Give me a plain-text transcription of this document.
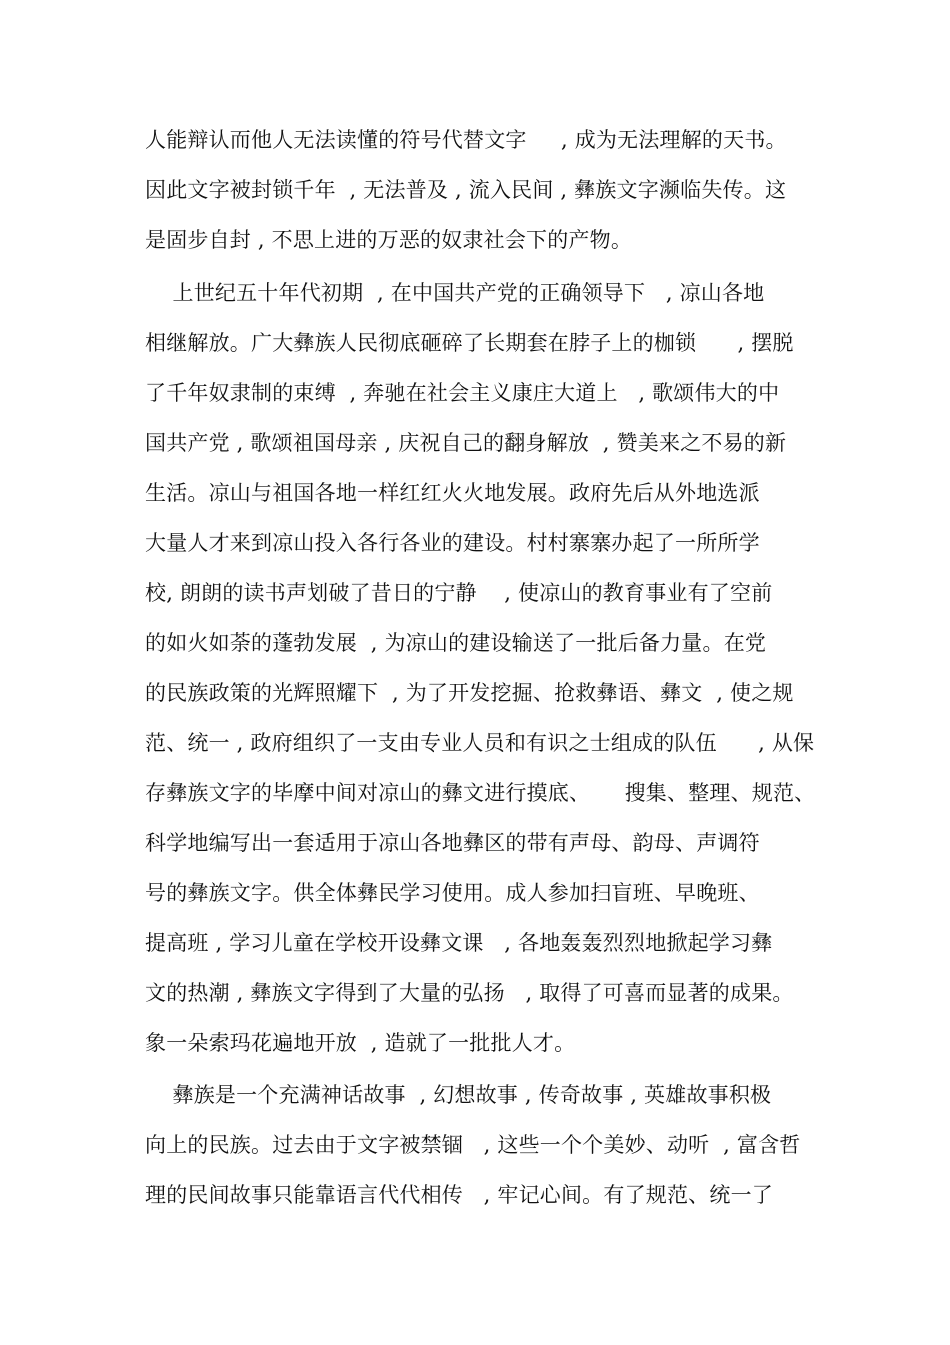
人能辩认而他人无法读懂的符号代替文字     , 成为无法理解的天书。
因此文字被封锁千年  , 无法普及 , 流入民间 , 彝族文字濒临失传。这
是固步自封 , 不思上进的万恶的奴隶社会下的产物。
上世纪五十年代初期  , 在中国共产党的正确领导下   , 凉山各地
相继解放。广大彝族人民彻底砸碎了长期套在脖子上的枷锁      , 摆脱
了千年奴隶制的束缚  , 奔驰在社会主义康庄大道上   , 歌颂伟大的中
国共产党 , 歌颂祖国母亲 , 庆祝自己的翻身解放  , 赞美来之不易的新
生活。凉山与祖国各地一样红红火火地发展。政府先后从外地选派
大量人才来到凉山投入各行各业的建设。村村寨寨办起了一所所学
校, 朗朗的读书声划破了昔日的宁静    , 使凉山的教育事业有了空前
的如火如荼的蓬勃发展  , 为凉山的建设输送了一批后备力量。在党
的民族政策的光辉照耀下  , 为了开发挖掘、抢救彝语、彝文  , 使之规
范、统一 , 政府组织了一支由专业人员和有识之士组成的队伍      , 从保
存彝族文字的毕摩中间对凉山的彝文进行摸底、     搜集、整理、规范、
科学地编写出一套适用于凉山各地彝区的带有声母、韵母、声调符
号的彝族文字。供全体彝民学习使用。成人参加扫盲班、早晚班、
提高班 , 学习儿童在学校开设彝文课   , 各地轰轰烈烈地掀起学习彝
文的热潮 , 彝族文字得到了大量的弘扬   , 取得了可喜而显著的成果。
象一朵索玛花遍地开放  , 造就了一批批人才。
彝族是一个充满神话故事  , 幻想故事 , 传奇故事 , 英雄故事积极
向上的民族。过去由于文字被禁锢   , 这些一个个美妙、动听  , 富含哲
理的民间故事只能靠语言代代相传   , 牢记心间。有了规范、统一了
